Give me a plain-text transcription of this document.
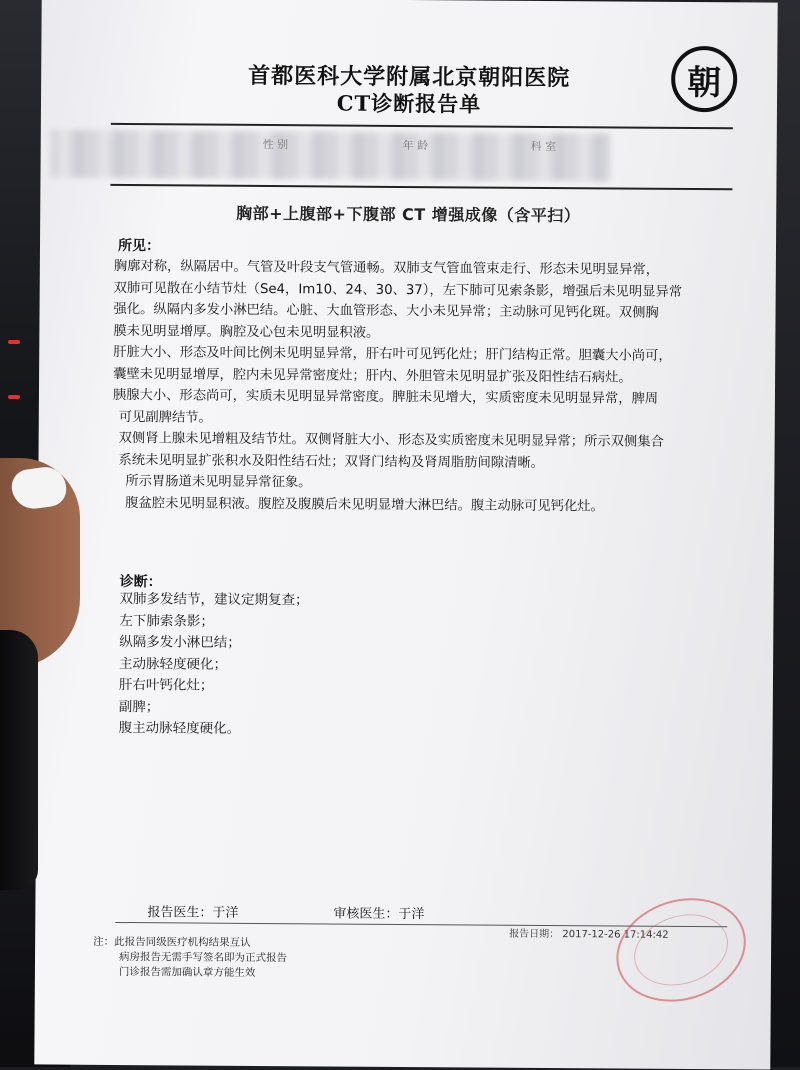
首都医科大学附属北京朝阳医院
CT诊断报告单
朝
性 别	年 龄	科 室
胸部+上腹部+下腹部 CT 增强成像（含平扫）
所见：

胸廓对称，纵隔居中。气管及叶段支气管通畅。双肺支气管血管束走行、形态未见明显异常，

双肺可见散在小结节灶（Se4，Im10、24、30、37），左下肺可见索条影，增强后未见明显异常

强化。纵隔内多发小淋巴结。心脏、大血管形态、大小未见异常；主动脉可见钙化斑。双侧胸

膜未见明显增厚。胸腔及心包未见明显积液。

肝脏大小、形态及叶间比例未见明显异常，肝右叶可见钙化灶；肝门结构正常。胆囊大小尚可，

囊壁未见明显增厚，腔内未见异常密度灶；肝内、外胆管未见明显扩张及阳性结石病灶。

胰腺大小、形态尚可，实质未见明显异常密度。脾脏未见增大，实质密度未见明显异常，脾周

可见副脾结节。

双侧肾上腺未见增粗及结节灶。双侧肾脏大小、形态及实质密度未见明显异常；所示双侧集合

系统未见明显扩张积水及阳性结石灶；双肾门结构及肾周脂肪间隙清晰。

所示胃肠道未见明显异常征象。

腹盆腔未见明显积液。腹腔及腹膜后未见明显增大淋巴结。腹主动脉可见钙化灶。

诊断：

双肺多发结节，建议定期复查；

左下肺索条影；

纵隔多发小淋巴结；

主动脉轻度硬化；

肝右叶钙化灶；

副脾；

腹主动脉轻度硬化。

报告医生：于洋	审核医生：于洋
报告日期： 2017-12-26 17:14:42

注：此报告同级医疗机构结果互认

病房报告无需手写签名即为正式报告

门诊报告需加确认章方能生效
